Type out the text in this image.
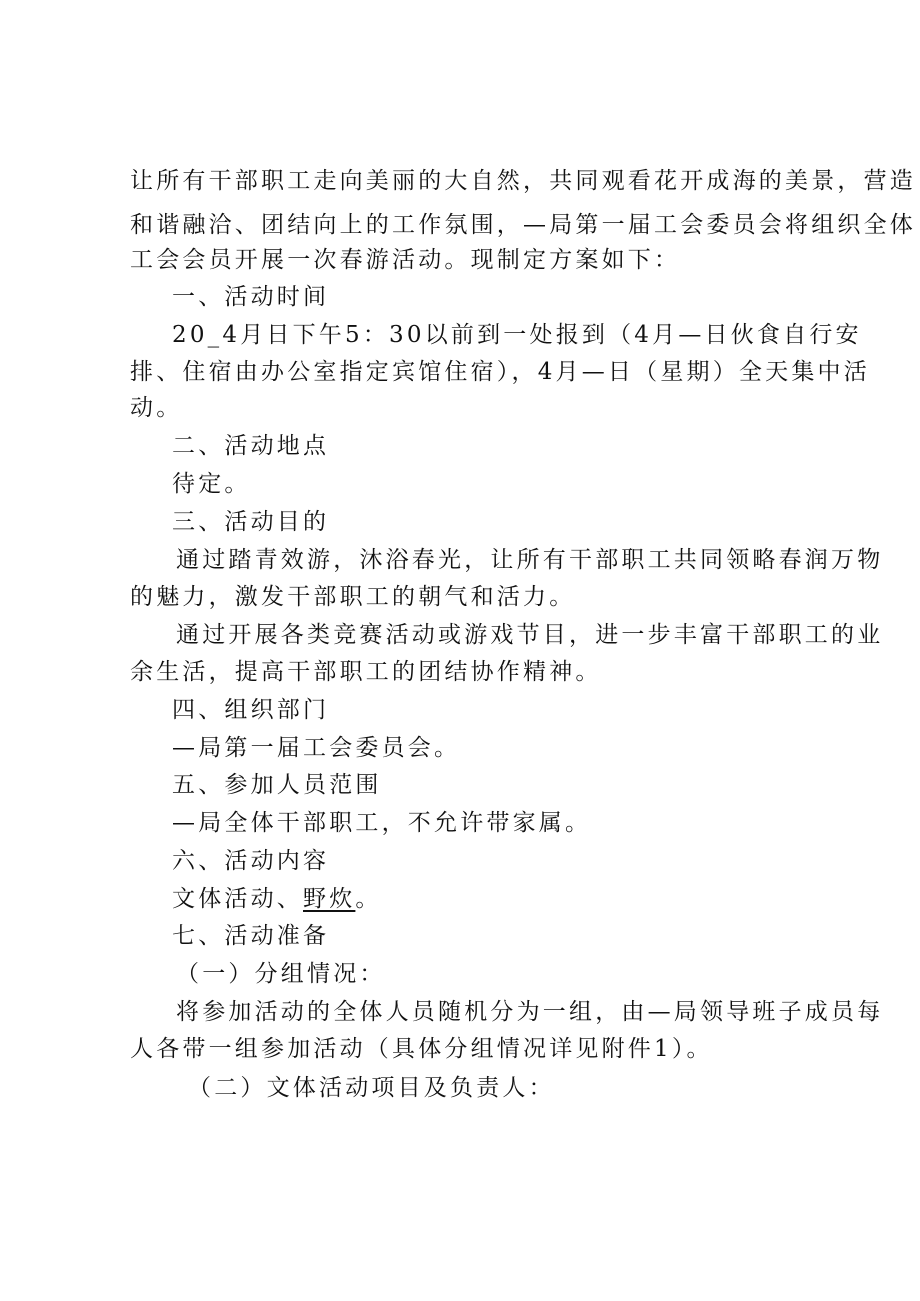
让所有干部职工走向美丽的大自然，共同观看花开成海的美景，营造
和谐融洽、团结向上的工作氛围，—局第一届工会委员会将组织全体
工会会员开展一次春游活动。现制定方案如下：
一、活动时间
20_4月日下午5：30以前到一处报到（4月—日伙食自行安
排、住宿由办公室指定宾馆住宿），4月—日（星期）全天集中活
动。
二、活动地点
待定。
三、活动目的
通过踏青效游，沐浴春光，让所有干部职工共同领略春润万物
的魅力，激发干部职工的朝气和活力。
通过开展各类竞赛活动或游戏节目，进一步丰富干部职工的业
余生活，提高干部职工的团结协作精神。
四、组织部门
—局第一届工会委员会。
五、参加人员范围
—局全体干部职工，不允许带家属。
六、活动内容
文体活动、野炊。
七、活动准备
（一）分组情况：
将参加活动的全体人员随机分为一组，由—局领导班子成员每
人各带一组参加活动（具体分组情况详见附件1）。
（二）文体活动项目及负责人：
